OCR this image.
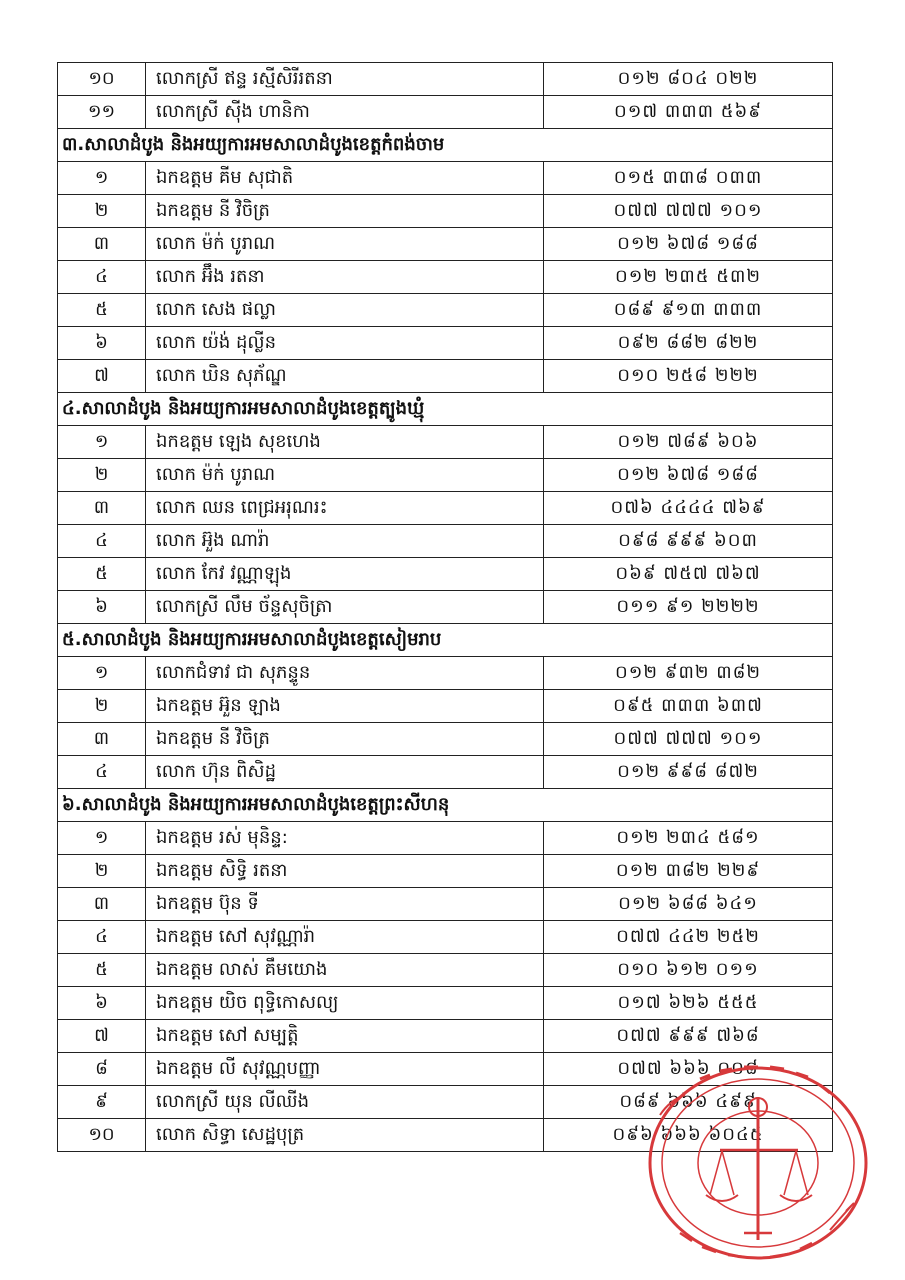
១០	លោកស្រី ឥន្ទ រស្មីសិរីរតនា	០១២ ៨០៤ ០២២
១១	លោកស្រី ស៊ីង ហានិកា	០១៧ ៣៣៣ ៥៦៩
៣.សាលាដំបូង និងអយ្យការអមសាលាដំបូងខេត្តកំពង់ចាម		
១	ឯកឧត្តម គីម សុជាតិ	០១៥ ៣៣៨ ០៣៣
២	ឯកឧត្តម នី វិចិត្រ	០៧៧ ៧៧៧ ១០១
៣	លោក ម៉ក់ បូរាណ	០១២ ៦៧៨ ១៨៨
៤	លោក អ៊ឹង រតនា	០១២ ២៣៥ ៥៣២
៥	លោក សេង ផល្លា	០៨៩ ៩១៣ ៣៣៣
៦	លោក យ៉ង់ ដុល្លីន	០៩២ ៨៨២ ៨២២
៧	លោក ឃិន សុភ័ណ្ឌ	០១០ ២៥៨ ២២២
៤.សាលាដំបូង និងអយ្យការអមសាលាដំបូងខេត្តត្បូងឃ្មុំ		
១	ឯកឧត្តម ឡេង សុខហេង	០១២ ៧៨៩ ៦០៦
២	លោក ម៉ក់ បូរាណ	០១២ ៦៧៨ ១៨៨
៣	លោក ឈន ពេជ្រអរុណរះ	០៧៦ ៤៤៤៤ ៧៦៩
៤	លោក អ៊ួង ណារ៉ា	០៩៨ ៩៩៩ ៦០៣
៥	លោក កែវ វណ្ណាឡុង	០៦៩ ៧៥៧ ៧៦៧
៦	លោកស្រី លឹម ច័ន្ទសុចិត្រា	០១១ ៩១ ២២២២
៥.សាលាដំបូង និងអយ្យការអមសាលាដំបូងខេត្តសៀមរាប		
១	លោកជំទាវ ជា សុភន្ទូន	០១២ ៩៣២ ៣៨២
២	ឯកឧត្តម អ៊ួន ឡាង	០៩៥ ៣៣៣ ៦៣៧
៣	ឯកឧត្តម នី វិចិត្រ	០៧៧ ៧៧៧ ១០១
៤	លោក ហ៊ុន ពិសិដ្ឋ	០១២ ៩៩៨ ៨៧២
៦.សាលាដំបូង និងអយ្យការអមសាលាដំបូងខេត្តព្រះសីហនុ		
១	ឯកឧត្តម រស់ មុនិន្ទ:	០១២ ២៣៤ ៥៨១
២	ឯកឧត្តម សិទ្ធិ រតនា	០១២ ៣៨២ ២២៩
៣	ឯកឧត្តម ប៊ុន ទី	០១២ ៦៨៨ ៦៤១
៤	ឯកឧត្តម សៅ សុវណ្ណារ៉ា	០៧៧ ៤៤២ ២៥២
៥	ឯកឧត្តម លាស់ គឹមយោង	០១០ ៦១២ ០១១
៦	ឯកឧត្តម យិច ពុទ្ធិកោសល្យ	០១៧ ៦២៦ ៥៥៥
៧	ឯកឧត្តម សៅ សម្បត្តិ	០៧៧ ៩៩៩ ៧៦៨
៨	ឯកឧត្តម លី សុវណ្ណបញ្ញា	០៧៧ ៦៦៦ ០០៨
៩	លោកស្រី យុន លីឈីង	០៨៩ ៦៦៦ ៤៩៩
១០	លោក សិទ្ធា សេដ្ឋបុត្រ	០៩៦ ៦៦៦ ៦០៤៥
